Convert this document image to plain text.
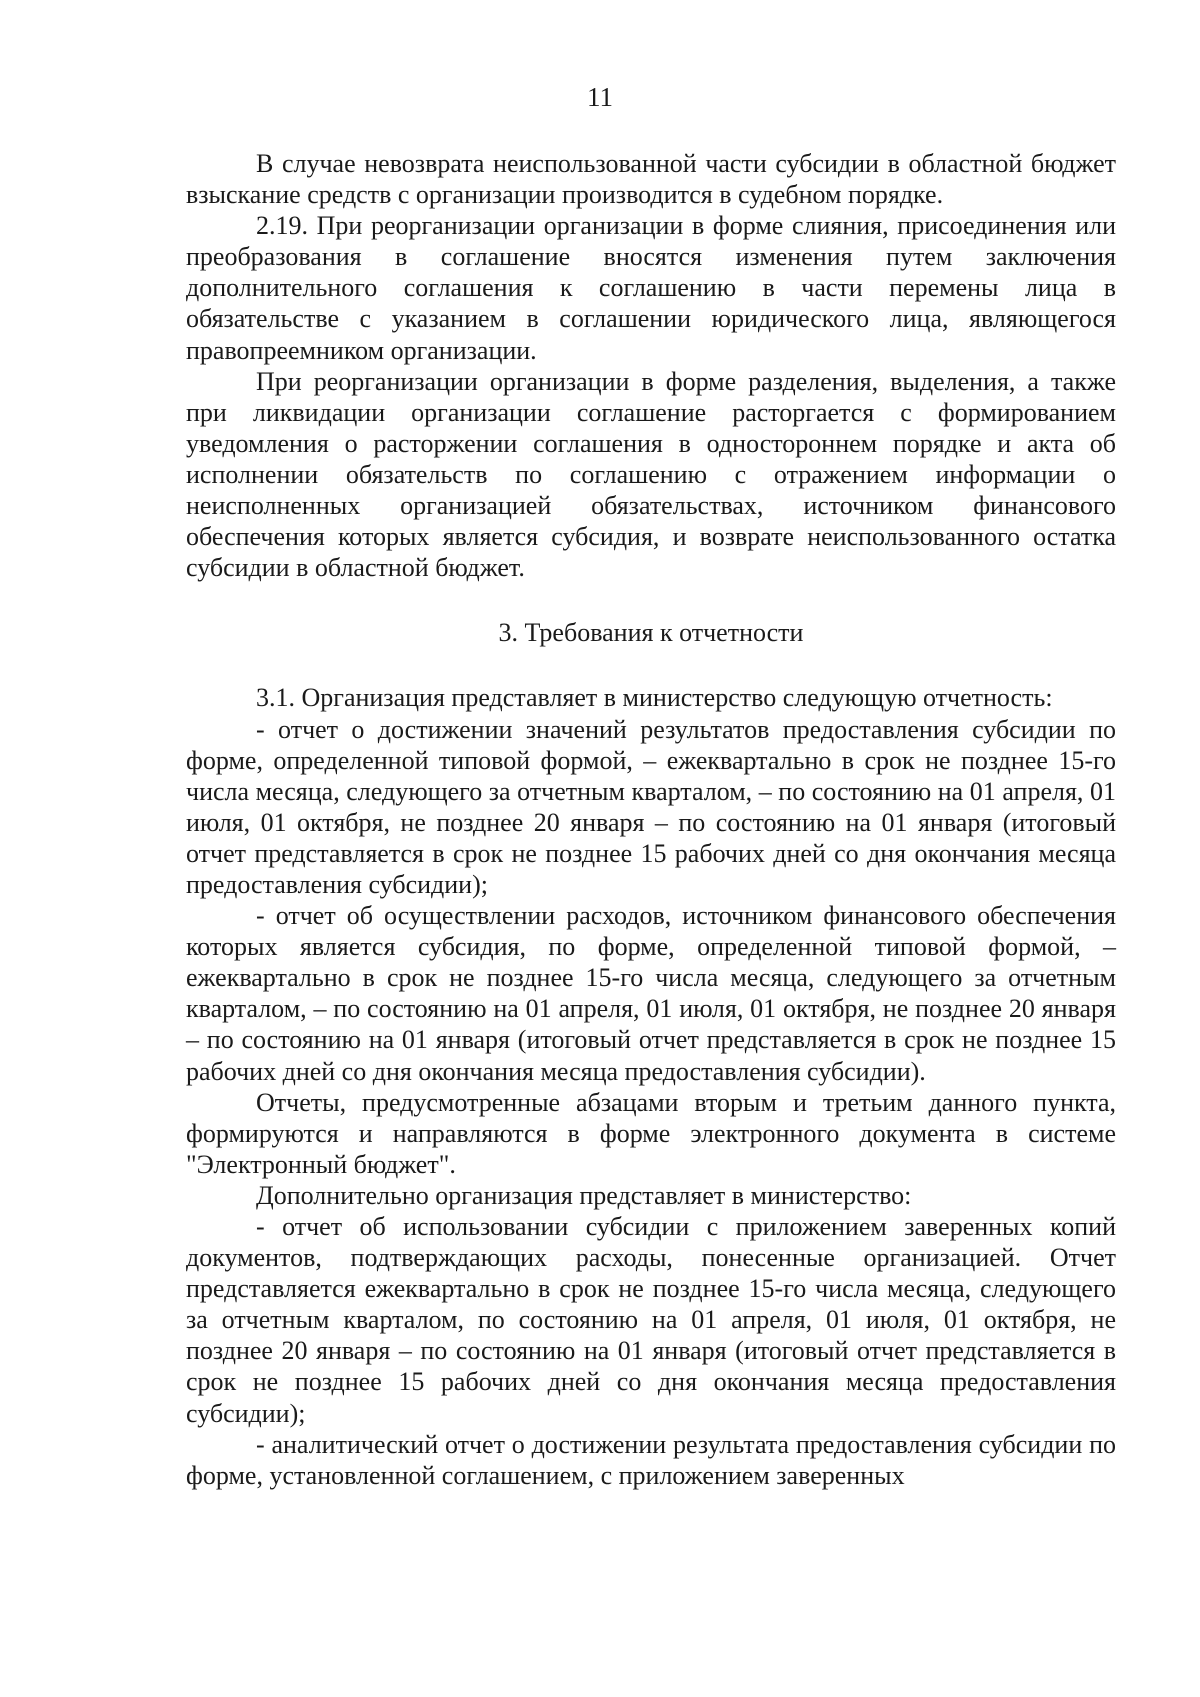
11

В случае невозврата неиспользованной части субсидии в областной бюджет взыскание средств с организации производится в судебном порядке.

2.19. При реорганизации организации в форме слияния, присоединения или преобразования в соглашение вносятся изменения путем заключения дополнительного соглашения к соглашению в части перемены лица в обязательстве с указанием в соглашении юридического лица, являющегося правопреемником организации.

При реорганизации организации в форме разделения, выделения, а также при ликвидации организации соглашение расторгается с формированием уведомления о расторжении соглашения в одностороннем порядке и акта об исполнении обязательств по соглашению с отражением информации о неисполненных организацией обязательствах, источником финансового обеспечения которых является субсидия, и возврате неиспользованного остатка субсидии в областной бюджет.

3. Требования к отчетности

3.1. Организация представляет в министерство следующую отчетность:

- отчет о достижении значений результатов предоставления субсидии по форме, определенной типовой формой, – ежеквартально в срок не позднее 15-го числа месяца, следующего за отчетным кварталом, – по состоянию на 01 апреля, 01 июля, 01 октября, не позднее 20 января – по состоянию на 01 января (итоговый отчет представляется в срок не позднее 15 рабочих дней со дня окончания месяца предоставления субсидии);

- отчет об осуществлении расходов, источником финансового обеспечения которых является субсидия, по форме, определенной типовой формой, – ежеквартально в срок не позднее 15-го числа месяца, следующего за отчетным кварталом, – по состоянию на 01 апреля, 01 июля, 01 октября, не позднее 20 января – по состоянию на 01 января (итоговый отчет представляется в срок не позднее 15 рабочих дней со дня окончания месяца предоставления субсидии).

Отчеты, предусмотренные абзацами вторым и третьим данного пункта, формируются и направляются в форме электронного документа в системе "Электронный бюджет".

Дополнительно организация представляет в министерство:

- отчет об использовании субсидии с приложением заверенных копий документов, подтверждающих расходы, понесенные организацией. Отчет представляется ежеквартально в срок не позднее 15-го числа месяца, следующего за отчетным кварталом, по состоянию на 01 апреля, 01 июля, 01 октября, не позднее 20 января – по состоянию на 01 января (итоговый отчет представляется в срок не позднее 15 рабочих дней со дня окончания месяца предоставления субсидии);

- аналитический отчет о достижении результата предоставления субсидии по форме, установленной соглашением, с приложением заверенных
